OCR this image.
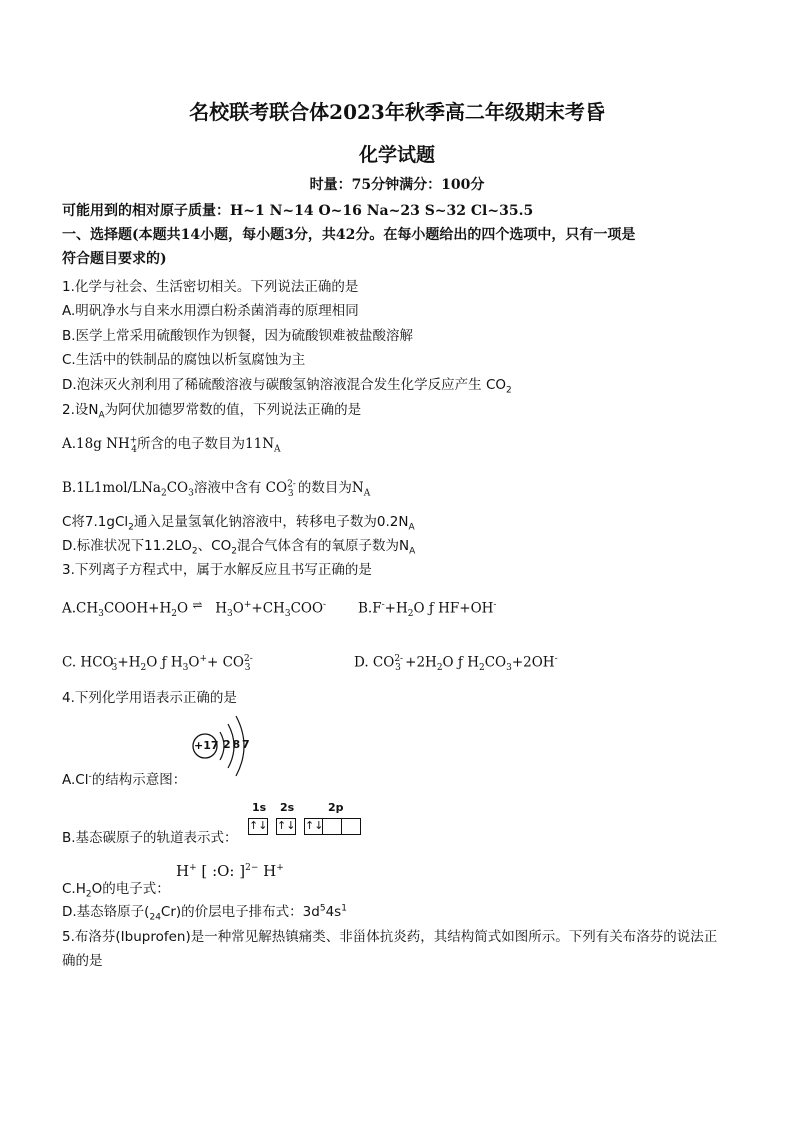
名校联考联合体2023年秋季高二年级期末考昏
化学试题
时量：75分钟满分：100分
可能用到的相对原子质量：H~1 N~14 O~16 Na~23 S~32 Cl~35.5
一、选择题(本题共14小题，每小题3分，共42分。在每小题给出的四个选项中，只有一项是
符合题目要求的)
1.化学与社会、生活密切相关。下列说法正确的是
A.明矾净水与自来水用漂白粉杀菌消毒的原理相同
B.医学上常采用硫酸钡作为钡餐，因为硫酸钡难被盐酸溶解
C.生活中的铁制品的腐蚀以析氢腐蚀为主
D.泡沫灭火剂利用了稀硫酸溶液与碳酸氢钠溶液混合发生化学反应产生 $CO_2$
2.设$N_A$为阿伏加德罗常数的值，下列说法正确的是
A.18g $NH^+_4$所含的电子数目为$11N_A$
$B.1L1mol/LNa_2CO_3$溶液中含有 $CO^{2-}_3$ 的数目为$N_A$
C将7.1gCl$_2$通入足量氢氧化钠溶液中，转移电子数为$0.2N_A$
D.标准状况下$11.2LO_2$、$CO_2$混合气体含有的氧原子数为$N_A$
3.下列离子方程式中，属于水解反应且书写正确的是
$A.CH_3COOH+H_2O$ ⇌ $H_3O^++CH_3COO^-$ $B.F^-+H_2O$ ƒ HF+OH-
C. $HCO^-_3+H_2O$ ƒ $H_3O^++ CO^{2-}_3$	D. $CO^{2-}_3 +2H_2O$ ƒ $H_2CO_3+2OH^-$
4.下列化学用语表示正确的是
+17 2 8 7
A.Cl-的结构示意图：
1s 2s	2p
↑↓ ↑↓ ↑↓
B.基态碳原子的轨道表示式：
H+ [ :O: ]$^{2-}$ H+
$C.H_2O$的电子式：
D.基态铬原子$(_{24}Cr)$的价层电子排布式：$3d^54s^1$
5.布洛芬(Ibuprofen)是一种常见解热镇痛类、非甾体抗炎药，其结构简式如图所示。下列有关布洛芬的说法正
确的是
